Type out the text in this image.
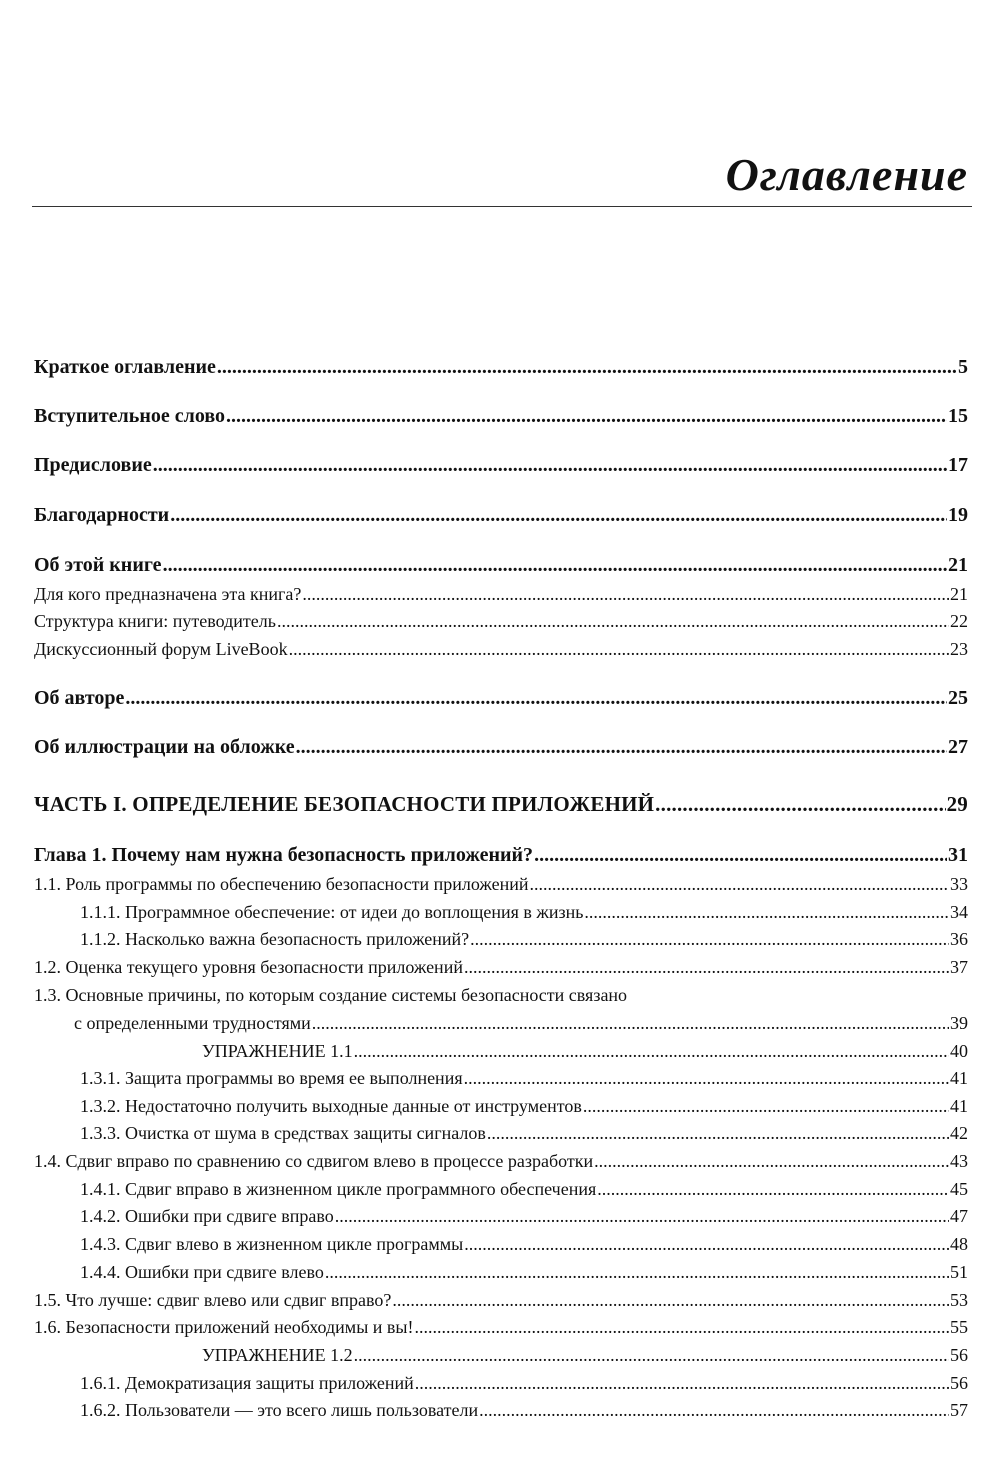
Оглавление
Краткое оглавление .....	5
Вступительное слово .....	15
Предисловие .....	17
Благодарности .....	19
Об этой книге .....	21
Для кого предназначена эта книга? .....	21
Структура книги: путеводитель .....	22
Дискуссионный форум LiveBook .....	23
Об авторе .....	25
Об иллюстрации на обложке .....	27
ЧАСТЬ I. ОПРЕДЕЛЕНИЕ БЕЗОПАСНОСТИ ПРИЛОЖЕНИЙ .....	29
Глава 1. Почему нам нужна безопасность приложений? .....	31
1.1. Роль программы по обеспечению безопасности приложений .....	33
1.1.1. Программное обеспечение: от идеи до воплощения в жизнь .....	34
1.1.2. Насколько важна безопасность приложений? .....	36
1.2. Оценка текущего уровня безопасности приложений .....	37
1.3. Основные причины, по которым создание системы безопасности связано
с определенными трудностями .....	39
УПРАЖНЕНИЕ 1.1 .....	40
1.3.1. Защита программы во время ее выполнения .....	41
1.3.2. Недостаточно получить выходные данные от инструментов .....	41
1.3.3. Очистка от шума в средствах защиты сигналов .....	42
1.4. Сдвиг вправо по сравнению со сдвигом влево в процессе разработки .....	43
1.4.1. Сдвиг вправо в жизненном цикле программного обеспечения .....	45
1.4.2. Ошибки при сдвиге вправо .....	47
1.4.3. Сдвиг влево в жизненном цикле программы .....	48
1.4.4. Ошибки при сдвиге влево .....	51
1.5. Что лучше: сдвиг влево или сдвиг вправо? .....	53
1.6. Безопасности приложений необходимы и вы! .....	55
УПРАЖНЕНИЕ 1.2 .....	56
1.6.1. Демократизация защиты приложений .....	56
1.6.2. Пользователи — это всего лишь пользователи .....	57
